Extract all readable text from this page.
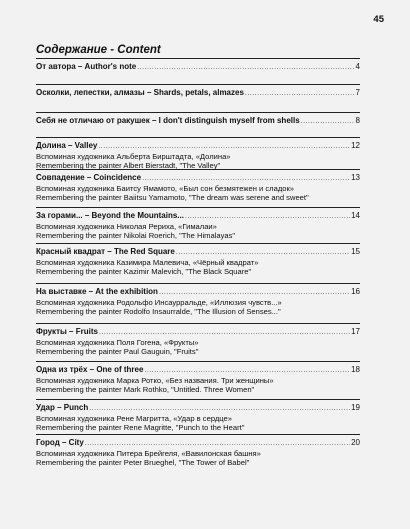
45
Содержание - Content
От автора – Author's note .....	4
Осколки, лепестки, алмазы – Shards, petals, almazes .....	7
Себя не отличаю от ракушек – I don't distinguish myself from shells .....	8
Долина – Valley .....	12
Вспоминая художника Альберта Бирштадта, «Долина»
Remembering the painter Albert Bierstadt, "The Valley"
Совпадение – Coincidence .....	13
Вспоминая художника Баитсу Ямамото, «Был сон безмятежен и сладок»
Remembering the painter Baiitsu Yamamoto, "The dream was serene and sweet"
За горами... – Beyond the Mountains... .....	14
Вспоминая художника Николая Рериха, «Гималаи»
Remembering the painter Nikolai Roerich, "The Himalayas"
Красный квадрат – The Red Square .....	15
Вспоминая художника Казимира Малевича, «Чёрный квадрат»
Remembering the painter Kazimir Malevich, "The Black Square"
На выставке – At the exhibition .....	16
Вспоминая художника Родольфо Инсаурральде, «Иллюзия чувств...»
Remembering the painter Rodolfo Insaurralde, "The Illusion of Senses..."
Фрукты – Fruits .....	17
Вспоминая художника Поля Гогена, «Фрукты»
Remembering the painter Paul Gauguin, "Fruits"
Одна из трёх – One of three .....	18
Вспоминая художника Марка Ротко, «Без названия. Три женщины»
Remembering the painter Mark Rothko, "Untitled. Three Women"
Удар – Punch .....	19
Вспоминая художника Рене Магритта, «Удар в сердце»
Remembering the painter Rene Magritte, "Punch to the Heart"
Город – City .....	20
Вспоминая художника Питера Брейгеля, «Вавилонская башня»
Remembering the painter Peter Brueghel, "The Tower of Babel"
